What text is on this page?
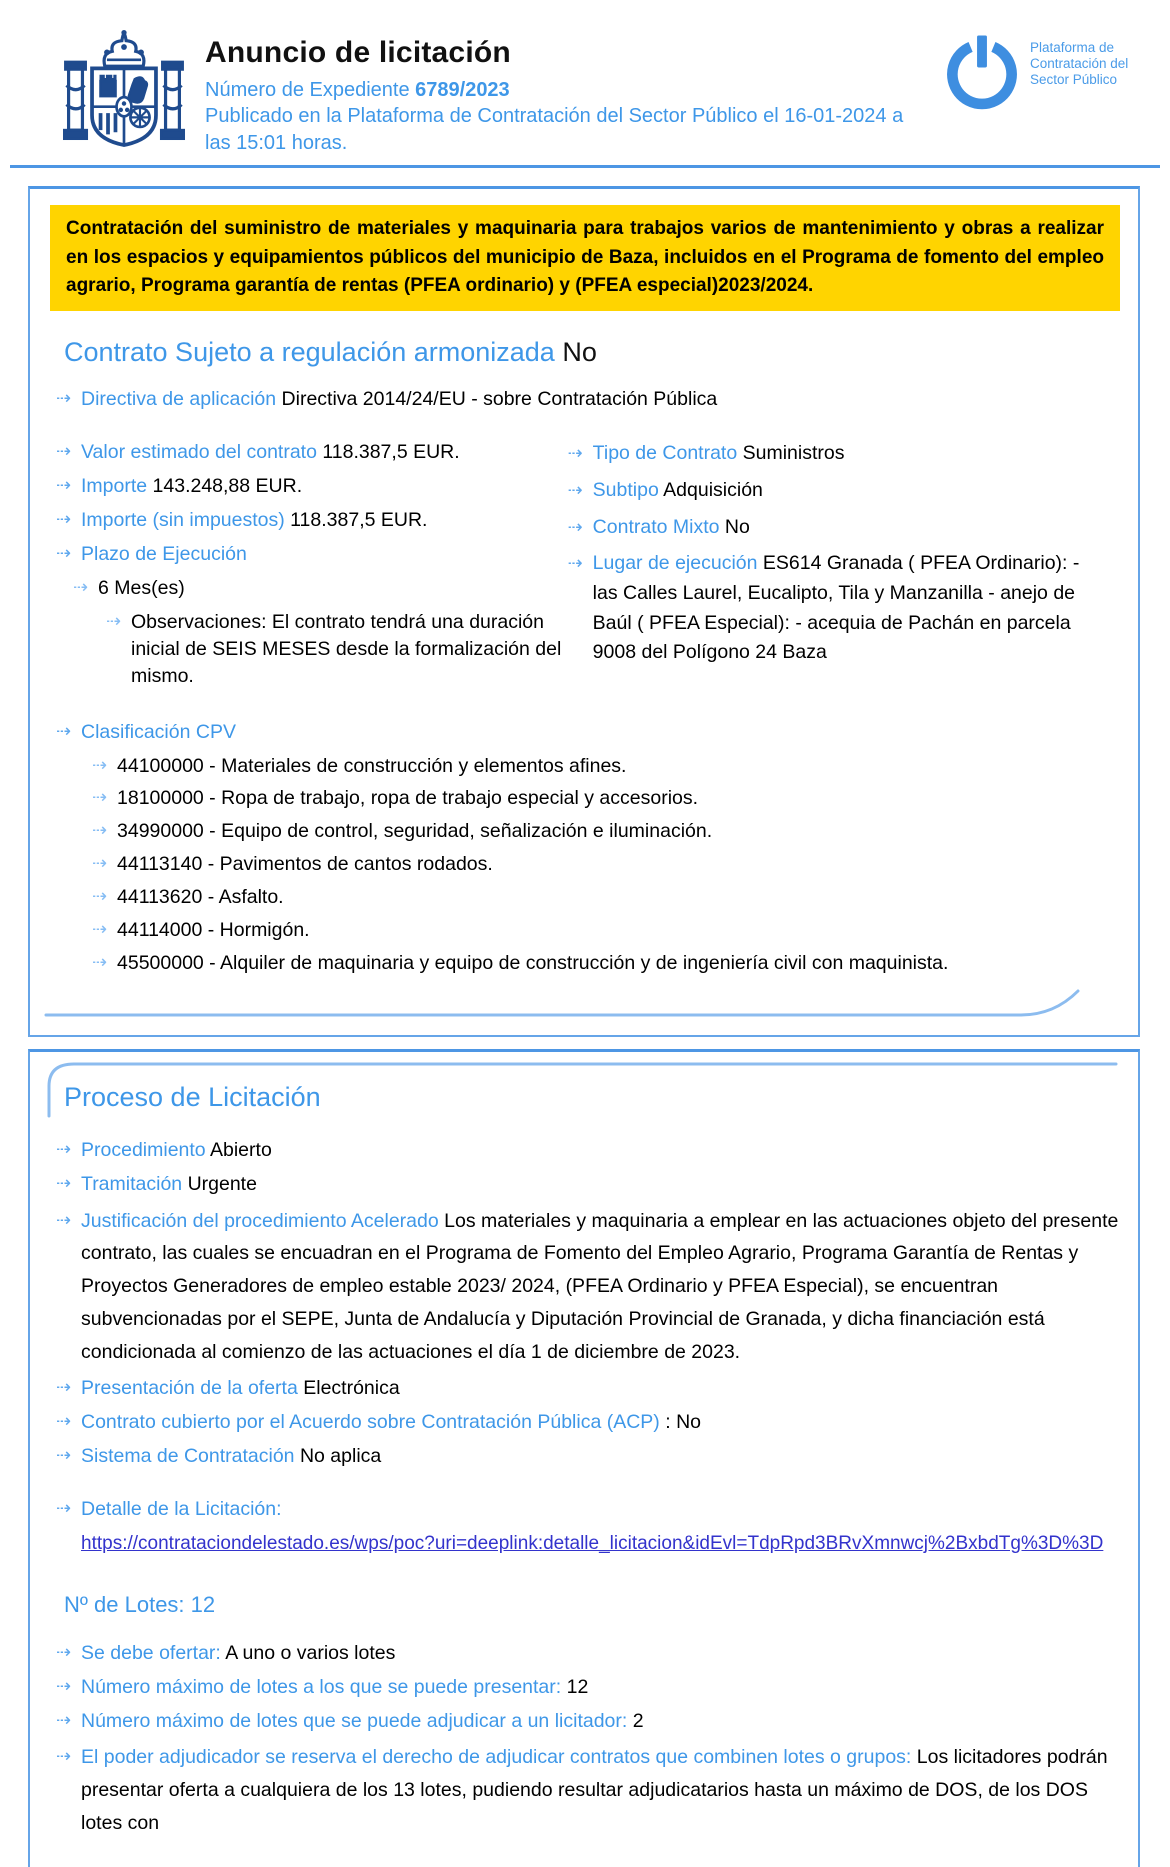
Anuncio de licitación
Número de Expediente 6789/2023
Publicado en la Plataforma de Contratación del Sector Público el 16-01-2024 a las 15:01 horas.
Plataforma de Contratación del Sector Público
Contratación del suministro de materiales y maquinaria para trabajos varios de mantenimiento y obras a realizar en los espacios y equipamientos públicos del municipio de Baza, incluidos en el Programa de fomento del empleo agrario, Programa garantía de rentas (PFEA ordinario) y (PFEA especial)2023/2024.
Contrato Sujeto a regulación armonizada No
⇢ Directiva de aplicación Directiva 2014/24/EU - sobre Contratación Pública
⇢ Valor estimado del contrato 118.387,5 EUR.
⇢ Importe 143.248,88 EUR.
⇢ Importe (sin impuestos) 118.387,5 EUR.
⇢ Plazo de Ejecución
⇢ 6 Mes(es)
⇢ Observaciones: El contrato tendrá una duración inicial de SEIS MESES desde la formalización del mismo.
⇢ Tipo de Contrato Suministros
⇢ Subtipo Adquisición
⇢ Contrato Mixto No
⇢ Lugar de ejecución ES614 Granada ( PFEA Ordinario): - las Calles Laurel, Eucalipto, Tila y Manzanilla - anejo de Baúl ( PFEA Especial): - acequia de Pachán en parcela 9008 del Polígono 24 Baza
⇢ Clasificación CPV
⇢ 44100000 - Materiales de construcción y elementos afines.
⇢ 18100000 - Ropa de trabajo, ropa de trabajo especial y accesorios.
⇢ 34990000 - Equipo de control, seguridad, señalización e iluminación.
⇢ 44113140 - Pavimentos de cantos rodados.
⇢ 44113620 - Asfalto.
⇢ 44114000 - Hormigón.
⇢ 45500000 - Alquiler de maquinaria y equipo de construcción y de ingeniería civil con maquinista.
Proceso de Licitación
⇢ Procedimiento Abierto
⇢ Tramitación Urgente
⇢ Justificación del procedimiento Acelerado Los materiales y maquinaria a emplear en las actuaciones objeto del presente contrato, las cuales se encuadran en el Programa de Fomento del Empleo Agrario, Programa Garantía de Rentas y Proyectos Generadores de empleo estable 2023/ 2024, (PFEA Ordinario y PFEA Especial), se encuentran subvencionadas por el SEPE, Junta de Andalucía y Diputación Provincial de Granada, y dicha financiación está condicionada al comienzo de las actuaciones el día 1 de diciembre de 2023.
⇢ Presentación de la oferta Electrónica
⇢ Contrato cubierto por el Acuerdo sobre Contratación Pública (ACP) : No
⇢ Sistema de Contratación No aplica
⇢ Detalle de la Licitación:
https://contrataciondelestado.es/wps/poc?uri=deeplink:detalle_licitacion&idEvl=TdpRpd3BRvXmnwcj%2BxbdTg%3D%3D
Nº de Lotes: 12
⇢ Se debe ofertar: A uno o varios lotes
⇢ Número máximo de lotes a los que se puede presentar: 12
⇢ Número máximo de lotes que se puede adjudicar a un licitador: 2
⇢ El poder adjudicador se reserva el derecho de adjudicar contratos que combinen lotes o grupos: Los licitadores podrán presentar oferta a cualquiera de los 13 lotes, pudiendo resultar adjudicatarios hasta un máximo de DOS, de los DOS lotes con
